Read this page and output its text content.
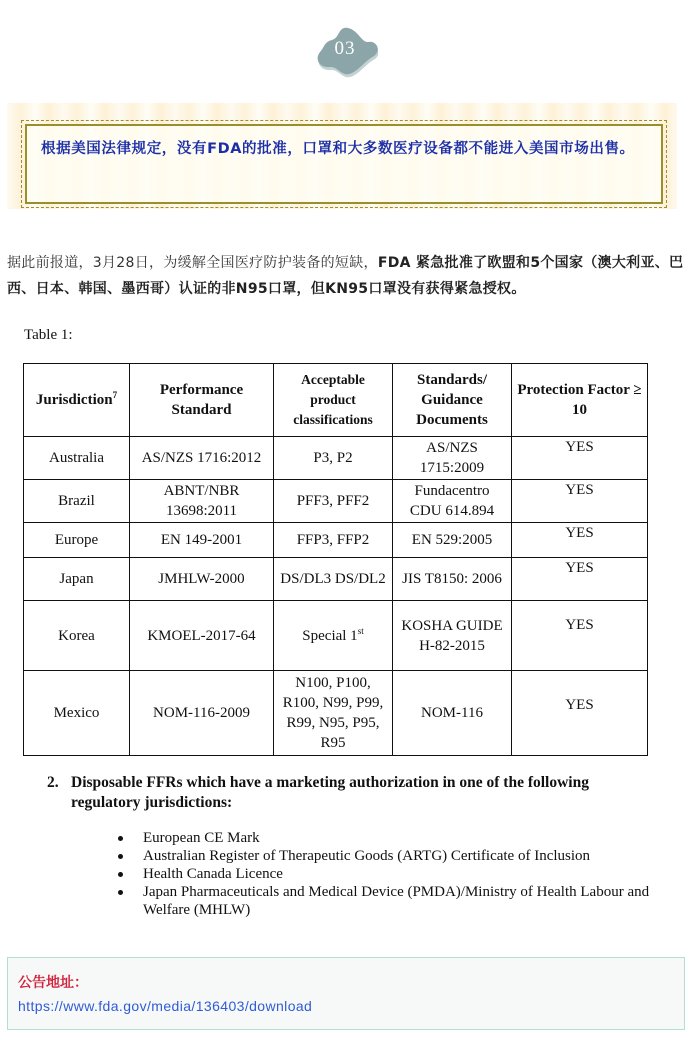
03
根据美国法律规定，没有FDA的批准，口罩和大多数医疗设备都不能进入美国市场出售。
据此前报道，3月28日，为缓解全国医疗防护装备的短缺，FDA 紧急批准了欧盟和5个国家（澳大利亚、巴西、日本、韩国、墨西哥）认证的非N95口罩，但KN95口罩没有获得紧急授权。
Table 1:
Jurisdiction$^7$	Performance Standard	Acceptable product classifications	Standards/ Guidance Documents	Protection Factor ≥ 10
Australia	AS/NZS 1716:2012	P3, P2	AS/NZS 1715:2009	YES
Brazil	ABNT/NBR 13698:2011	PFF3, PFF2	Fundacentro CDU 614.894	YES
Europe	EN 149-2001	FFP3, FFP2	EN 529:2005	YES
Japan	JMHLW-2000	DS/DL3 DS/DL2	JIS T8150: 2006	YES
Korea	KMOEL-2017-64	Special 1st	KOSHA GUIDE H-82-2015	YES
Mexico	NOM-116-2009	N100, P100, R100, N99, P99, R99, N95, P95, R95	NOM-116	YES
2. Disposable FFRs which have a marketing authorization in one of the following regulatory jurisdictions:
European CE Mark
Australian Register of Therapeutic Goods (ARTG) Certificate of Inclusion
Health Canada Licence
Japan Pharmaceuticals and Medical Device (PMDA)/Ministry of Health Labour and Welfare (MHLW)
公告地址：
https://www.fda.gov/media/136403/download
